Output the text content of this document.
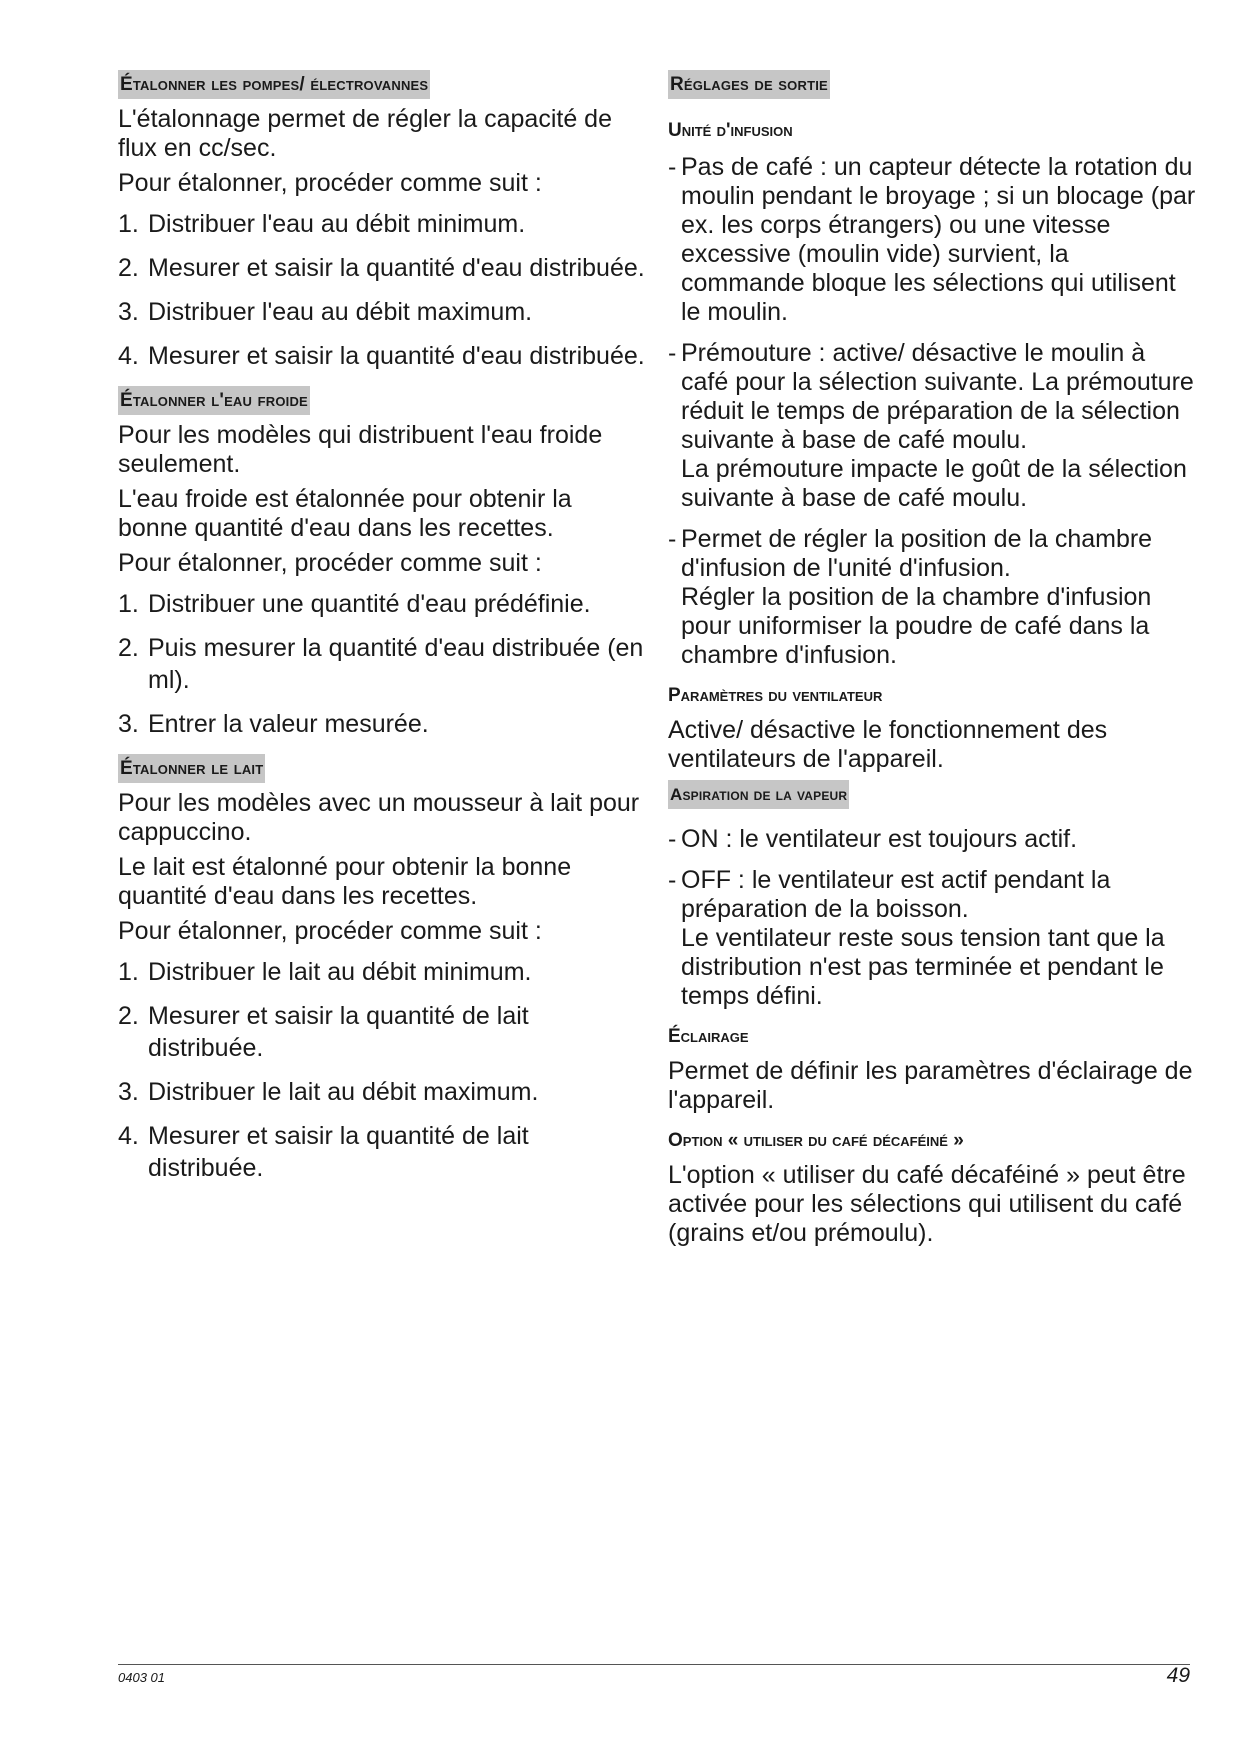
Étalonner les pompes/ électrovannes

L'étalonnage permet de régler la capacité de flux en cc/sec.

Pour étalonner, procéder comme suit :

1. Distribuer l'eau au débit minimum.
2. Mesurer et saisir la quantité d'eau distribuée.
3. Distribuer l'eau au débit maximum.
4. Mesurer et saisir la quantité d'eau distribuée.
Étalonner l'eau froide

Pour les modèles qui distribuent l'eau froide seulement.

L'eau froide est étalonnée pour obtenir la bonne quantité d'eau dans les recettes.

Pour étalonner, procéder comme suit :

1. Distribuer une quantité d'eau prédéfinie.
2. Puis mesurer la quantité d'eau distribuée (en ml).
3. Entrer la valeur mesurée.
Étalonner le lait

Pour les modèles avec un mousseur à lait pour cappuccino.

Le lait est étalonné pour obtenir la bonne quantité d'eau dans les recettes.

Pour étalonner, procéder comme suit :

1. Distribuer le lait au débit minimum.
2. Mesurer et saisir la quantité de lait distribuée.
3. Distribuer le lait au débit maximum.
4. Mesurer et saisir la quantité de lait distribuée.
Réglages de sortie
Unité d'infusion
- Pas de café : un capteur détecte la rotation du moulin pendant le broyage ; si un blocage (par ex. les corps étrangers) ou une vitesse excessive (moulin vide) survient, la commande bloque les sélections qui utilisent le moulin.
- Prémouture : active/ désactive le moulin à café pour la sélection suivante. La prémouture réduit le temps de préparation de la sélection suivante à base de café moulu.
La prémouture impacte le goût de la sélection suivante à base de café moulu.
- Permet de régler la position de la chambre d'infusion de l'unité d'infusion.
Régler la position de la chambre d'infusion pour uniformiser la poudre de café dans la chambre d'infusion.
Paramètres du ventilateur

Active/ désactive le fonctionnement des ventilateurs de l'appareil.

Aspiration de la vapeur
- ON : le ventilateur est toujours actif.
- OFF : le ventilateur est actif pendant la préparation de la boisson.
Le ventilateur reste sous tension tant que la distribution n'est pas terminée et pendant le temps défini.
Éclairage

Permet de définir les paramètres d'éclairage de l'appareil.

Option « utiliser du café décaféiné »

L'option « utiliser du café décaféiné » peut être activée pour les sélections qui utilisent du café (grains et/ou prémoulu).

0403 01	49
